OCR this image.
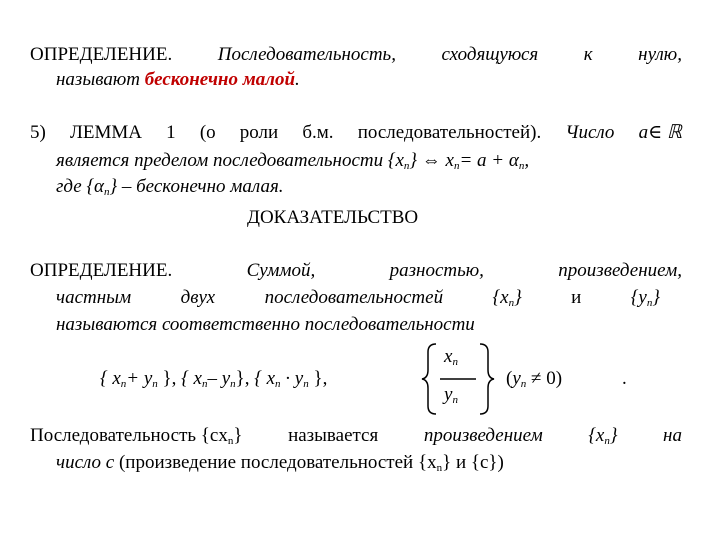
ОПРЕДЕЛЕНИЕ. Последовательность, сходящуюся к нулю,
называют бесконечно малой.
5) ЛЕММА 1 (о роли б.м. последовательностей). Число a∈ ℝ
является пределом последовательности $\{x_n\}$ ⇔ $x_n= a + \alpha_n$,
где $\{\alpha_n\}$ – бесконечно малая.
ДОКАЗАТЕЛЬСТВО
ОПРЕДЕЛЕНИЕ.	Суммой,	разностью,	произведением,
частным	двух	последовательностей	$\{x_n\}$	и	$\{y_n\}$
называются соответственно последовательности
{ $x_n+ y_n$ }, { $x_n-$ $y_n$}, { $x_n \cdot y_n$ },
$x_n$
$y_n$
$(y_n \ne 0)$	.
Последовательность $\{cx_n\}$ называется произведением $\{x_n\}$ на
число c (произведение последовательностей $\{x_n\}$ и {c})
